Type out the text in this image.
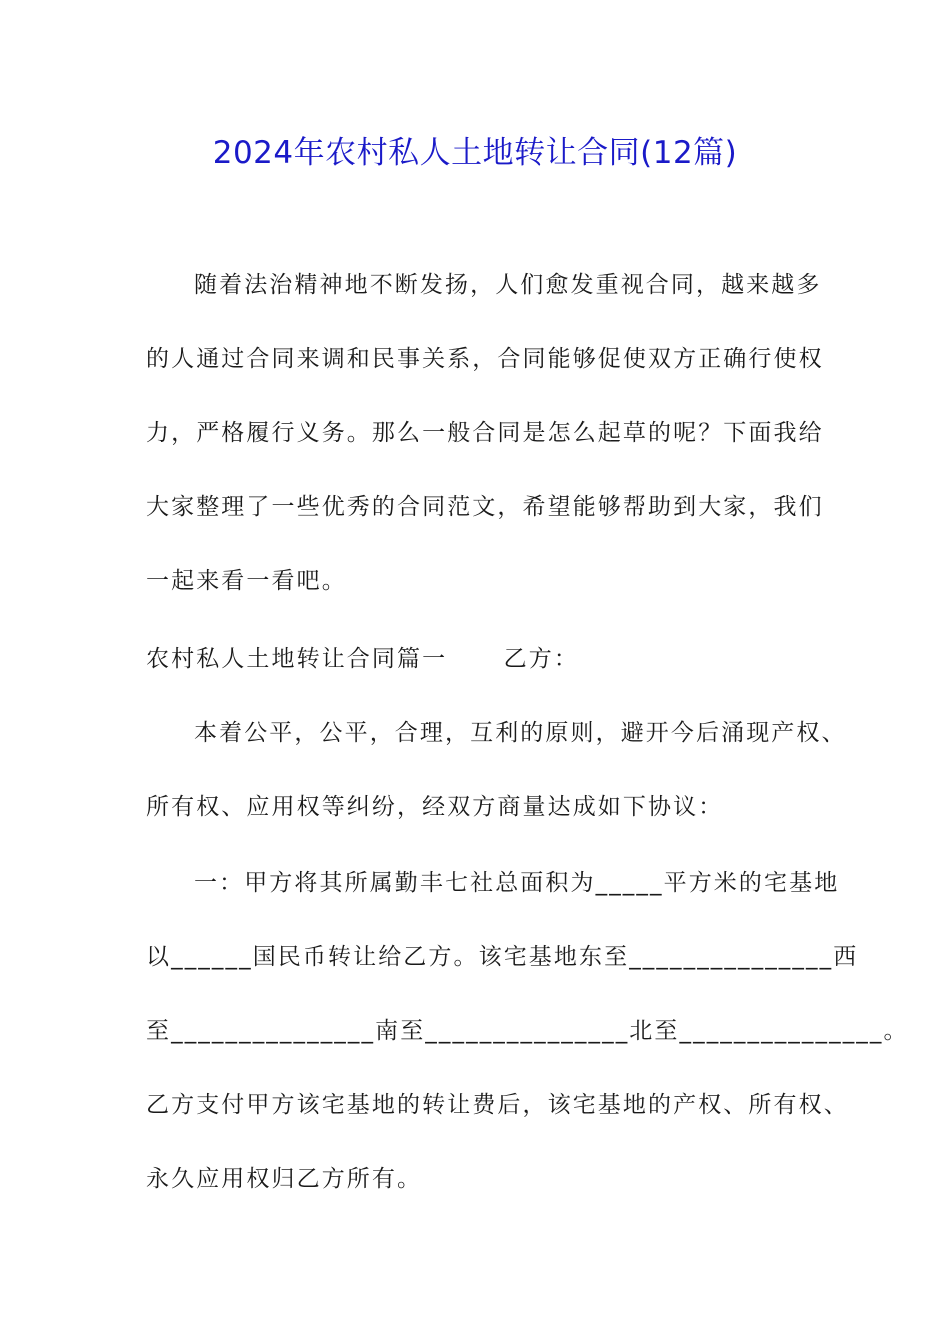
2024年农村私人土地转让合同(12篇)
随着法治精神地不断发扬，人们愈发重视合同，越来越多
的人通过合同来调和民事关系，合同能够促使双方正确行使权
力，严格履行义务。那么一般合同是怎么起草的呢？下面我给
大家整理了一些优秀的合同范文，希望能够帮助到大家，我们
一起来看一看吧。
农村私人土地转让合同篇一      乙方：
本着公平，公平，合理，互利的原则，避开今后涌现产权、
所有权、应用权等纠纷，经双方商量达成如下协议：
一：甲方将其所属勤丰七社总面积为_____平方米的宅基地
以______国民币转让给乙方。该宅基地东至_______________西
至_______________南至_______________北至_______________。
乙方支付甲方该宅基地的转让费后，该宅基地的产权、所有权、
永久应用权归乙方所有。
